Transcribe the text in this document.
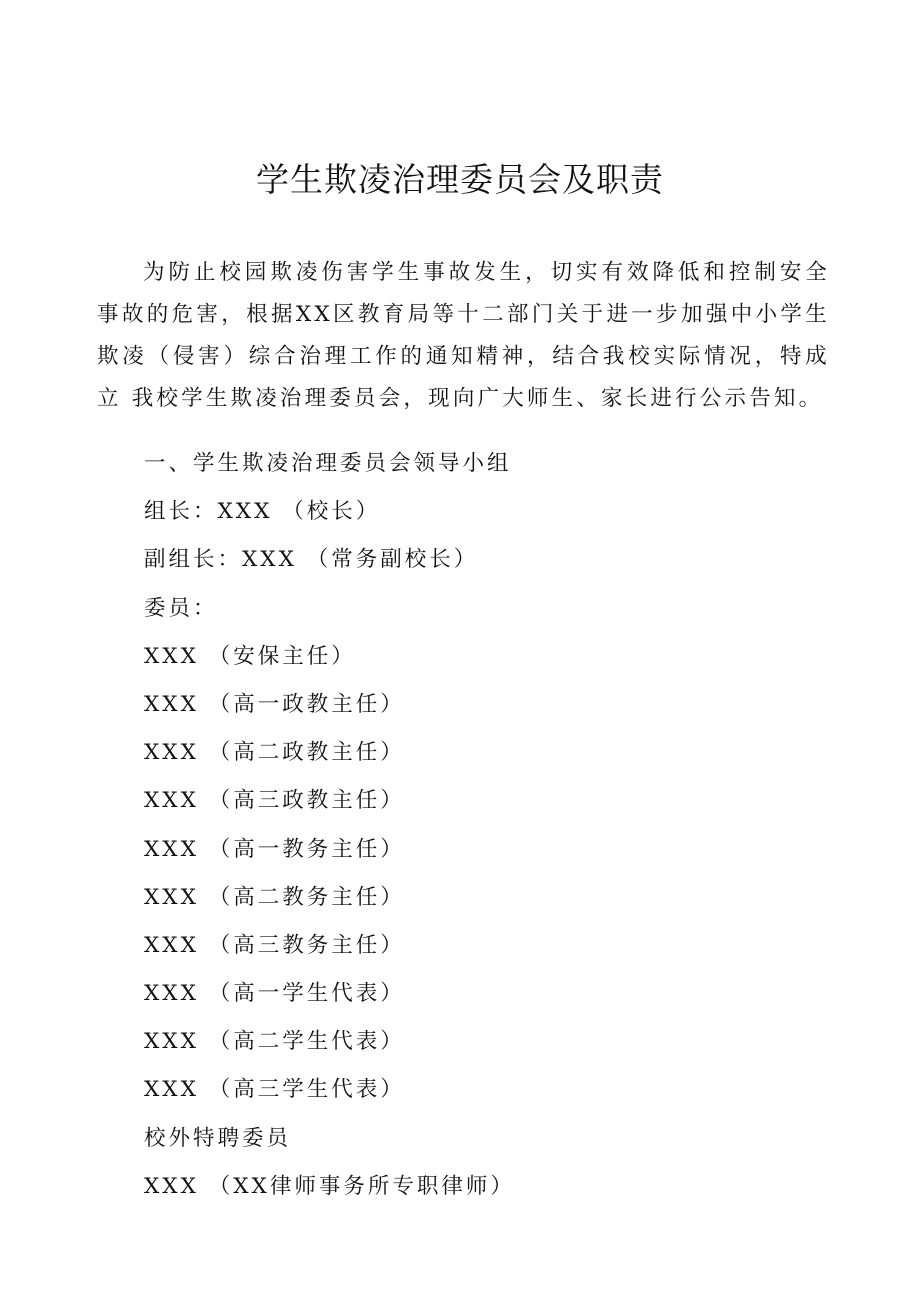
学生欺凌治理委员会及职责

为防止校园欺凌伤害学生事故发生，切实有效降低和控制安全 事故的危害，根据XX区教育局等十二部门关于进一步加强中小学生 欺凌（侵害）综合治理工作的通知精神，结合我校实际情况，特成立 我校学生欺凌治理委员会，现向广大师生、家长进行公示告知。

一、学生欺凌治理委员会领导小组

组长：XXX （校长）

副组长：XXX （常务副校长）

委员：

XXX （安保主任）

XXX （高一政教主任）

XXX （高二政教主任）

XXX （高三政教主任）

XXX （高一教务主任）

XXX （高二教务主任）

XXX （高三教务主任）

XXX （高一学生代表）

XXX （高二学生代表）

XXX （高三学生代表）

校外特聘委员

XXX （XX律师事务所专职律师）
